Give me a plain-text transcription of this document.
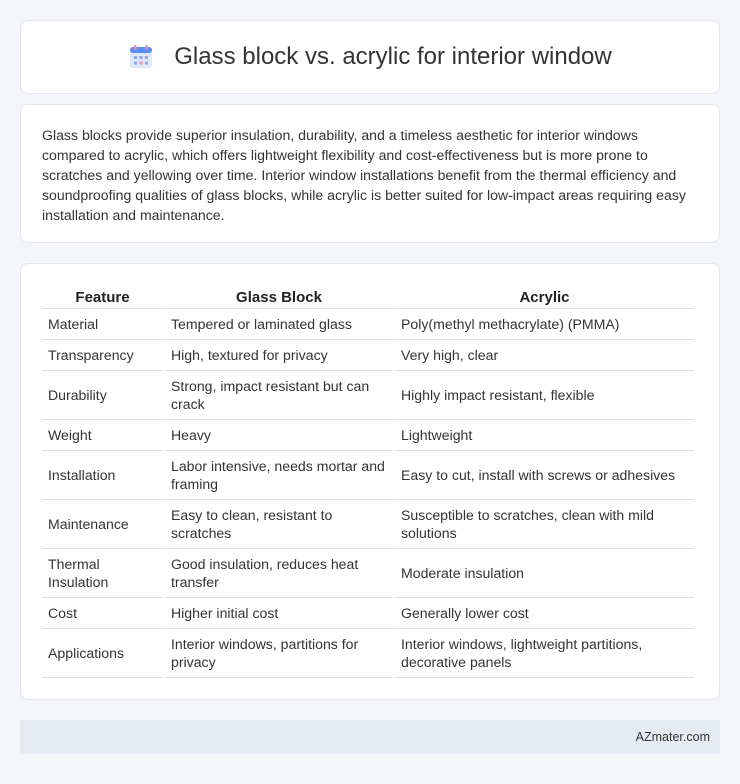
Glass block vs. acrylic for interior window

Glass blocks provide superior insulation, durability, and a timeless aesthetic for interior windows compared to acrylic, which offers lightweight flexibility and cost-effectiveness but is more prone to scratches and yellowing over time. Interior window installations benefit from the thermal efficiency and soundproofing qualities of glass blocks, while acrylic is better suited for low-impact areas requiring easy installation and maintenance.

Feature	Glass Block	Acrylic
Material	Tempered or laminated glass	Poly(methyl methacrylate) (PMMA)
Transparency	High, textured for privacy	Very high, clear
Durability	Strong, impact resistant but can crack	Highly impact resistant, flexible
Weight	Heavy	Lightweight
Installation	Labor intensive, needs mortar and framing	Easy to cut, install with screws or adhesives
Maintenance	Easy to clean, resistant to scratches	Susceptible to scratches, clean with mild solutions
Thermal Insulation	Good insulation, reduces heat transfer	Moderate insulation
Cost	Higher initial cost	Generally lower cost
Applications	Interior windows, partitions for privacy	Interior windows, lightweight partitions, decorative panels
AZmater.com
